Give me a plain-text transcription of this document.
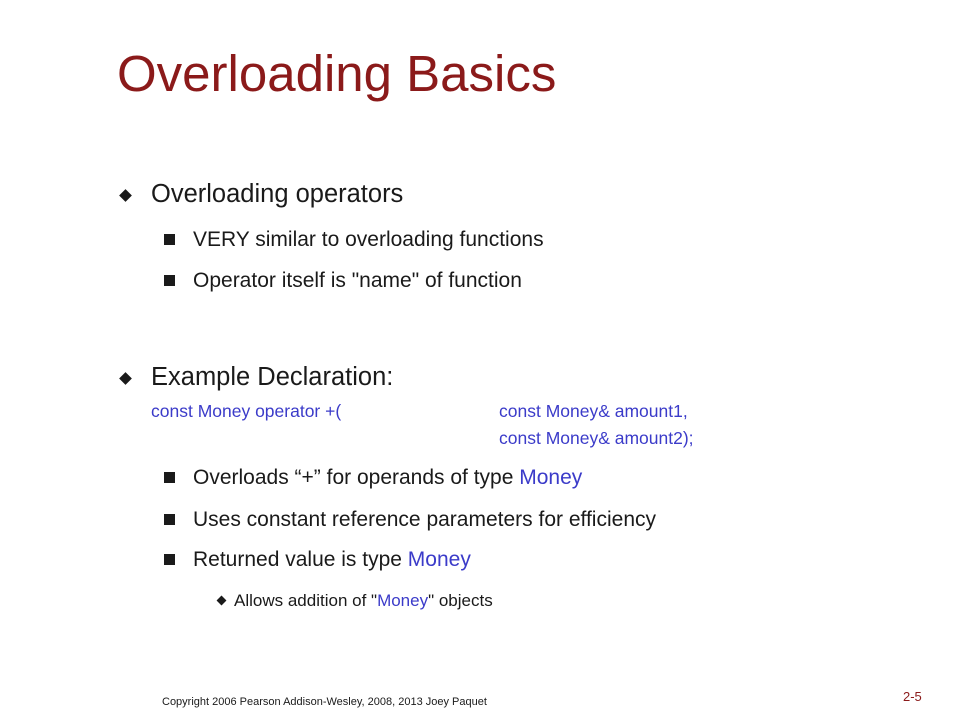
Overloading Basics
Overloading operators
VERY similar to overloading functions
Operator itself is "name" of function
Example Declaration:
const Money operator +(	const Money& amount1,
const Money& amount2);
Overloads “+” for operands of type Money
Uses constant reference parameters for efficiency
Returned value is type Money
Allows addition of "Money" objects
Copyright 2006 Pearson Addison-Wesley, 2008, 2013 Joey Paquet	2-5
